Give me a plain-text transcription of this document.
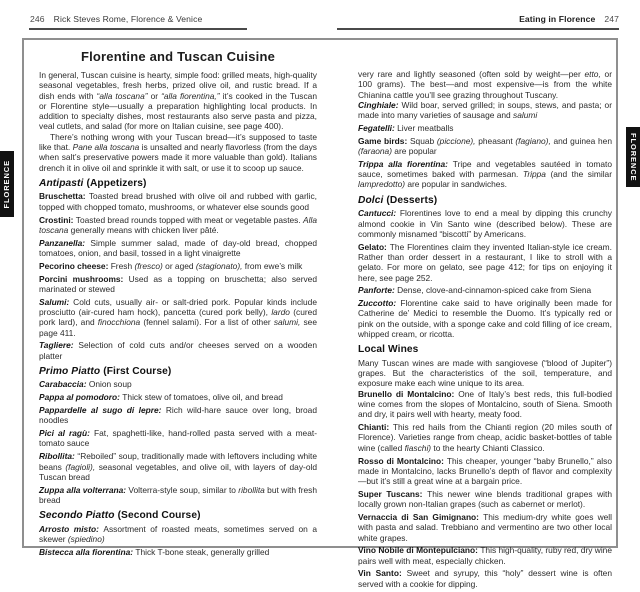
246 Rick Steves Rome, Florence & Venice	Eating in Florence 247
FLORENCE
FLORENCE
Florentine and Tuscan Cuisine

In general, Tuscan cuisine is hearty, simple food: grilled meats, high-quality seasonal vegetables, fresh herbs, prized olive oil, and rustic bread. If a dish ends with “alla toscana” or “alla fiorentina,” it’s cooked in the Tuscan or Florentine style—usually a preparation highlighting local products. In addition to specialty dishes, most restaurants also serve pasta and pizza, veal cutlets, and salad (for more on Italian cuisine, see page 400).

There’s nothing wrong with your Tuscan bread—it’s supposed to taste like that. Pane alla toscana is unsalted and nearly flavorless (from the days when salt’s preservative powers made it more valuable than gold). Italians drench it in olive oil and sprinkle it with salt, or use it to scoop up sauce.

Antipasti (Appetizers)

Bruschetta: Toasted bread brushed with olive oil and rubbed with garlic, topped with chopped tomato, mushrooms, or whatever else sounds good

Crostini: Toasted bread rounds topped with meat or vegetable pastes. Alla toscana generally means with chicken liver pâté.

Panzanella: Simple summer salad, made of day-old bread, chopped tomatoes, onion, and basil, tossed in a light vinaigrette

Pecorino cheese: Fresh (fresco) or aged (stagionato), from ewe’s milk

Porcini mushrooms: Used as a topping on bruschetta; also served marinated or stewed

Salumi: Cold cuts, usually air- or salt-dried pork. Popular kinds include prosciutto (air-cured ham hock), pancetta (cured pork belly), lardo (cured pork lard), and finocchiona (fennel salami). For a list of other salumi, see page 411.

Tagliere: Selection of cold cuts and/or cheeses served on a wooden platter

Primo Piatto (First Course)

Carabaccia: Onion soup

Pappa al pomodoro: Thick stew of tomatoes, olive oil, and bread

Pappardelle al sugo di lepre: Rich wild-hare sauce over long, broad noodles

Pici al ragù: Fat, spaghetti-like, hand-rolled pasta served with a meat-tomato sauce

Ribollita: “Reboiled” soup, traditionally made with leftovers including white beans (fagioli), seasonal vegetables, and olive oil, with layers of day-old Tuscan bread

Zuppa alla volterrana: Volterra-style soup, similar to ribollita but with fresh bread

Secondo Piatto (Second Course)

Arrosto misto: Assortment of roasted meats, sometimes served on a skewer (spiedino)

Bistecca alla fiorentina: Thick T-bone steak, generally grilled

very rare and lightly seasoned (often sold by weight—per etto, or 100 grams). The best—and most expensive—is from the white Chianina cattle you’ll see grazing throughout Tuscany.

Cinghiale: Wild boar, served grilled; in soups, stews, and pasta; or made into many varieties of sausage and salumi

Fegatelli: Liver meatballs

Game birds: Squab (piccione), pheasant (fagiano), and guinea hen (faraona) are popular

Trippa alla fiorentina: Tripe and vegetables sautéed in tomato sauce, sometimes baked with parmesan. Trippa (and the similar lampredotto) are popular in sandwiches.

Dolci (Desserts)

Cantucci: Florentines love to end a meal by dipping this crunchy almond cookie in Vin Santo wine (described below). These are commonly misnamed “biscotti” by Americans.

Gelato: The Florentines claim they invented Italian-style ice cream. Rather than order dessert in a restaurant, I like to stroll with a gelato. For more on gelato, see page 412; for tips on enjoying it here, see page 252.

Panforte: Dense, clove-and-cinnamon-spiced cake from Siena

Zuccotto: Florentine cake said to have originally been made for Catherine de’ Medici to resemble the Duomo. It’s typically red or pink on the outside, with a sponge cake and cold filling of ice cream, whipped cream, or ricotta.

Local Wines

Many Tuscan wines are made with sangiovese (“blood of Jupiter”) grapes. But the characteristics of the soil, temperature, and exposure make each wine unique to its area.

Brunello di Montalcino: One of Italy’s best reds, this full-bodied wine comes from the slopes of Montalcino, south of Siena. Smooth and dry, it pairs well with hearty, meaty food.

Chianti: This red hails from the Chianti region (20 miles south of Florence). Varieties range from cheap, acidic basket-bottles of table wine (called fiaschi) to the hearty Chianti Classico.

Rosso di Montalcino: This cheaper, younger “baby Brunello,” also made in Montalcino, lacks Brunello’s depth of flavor and complexity—but it’s still a great wine at a bargain price.

Super Tuscans: This newer wine blends traditional grapes with locally grown non-Italian grapes (such as cabernet or merlot).

Vernaccia di San Gimignano: This medium-dry white goes well with pasta and salad. Trebbiano and vermentino are two other local white grapes.

Vino Nobile di Montepulciano: This high-quality, ruby red, dry wine pairs well with meat, especially chicken.

Vin Santo: Sweet and syrupy, this “holy” dessert wine is often served with a cookie for dipping.
